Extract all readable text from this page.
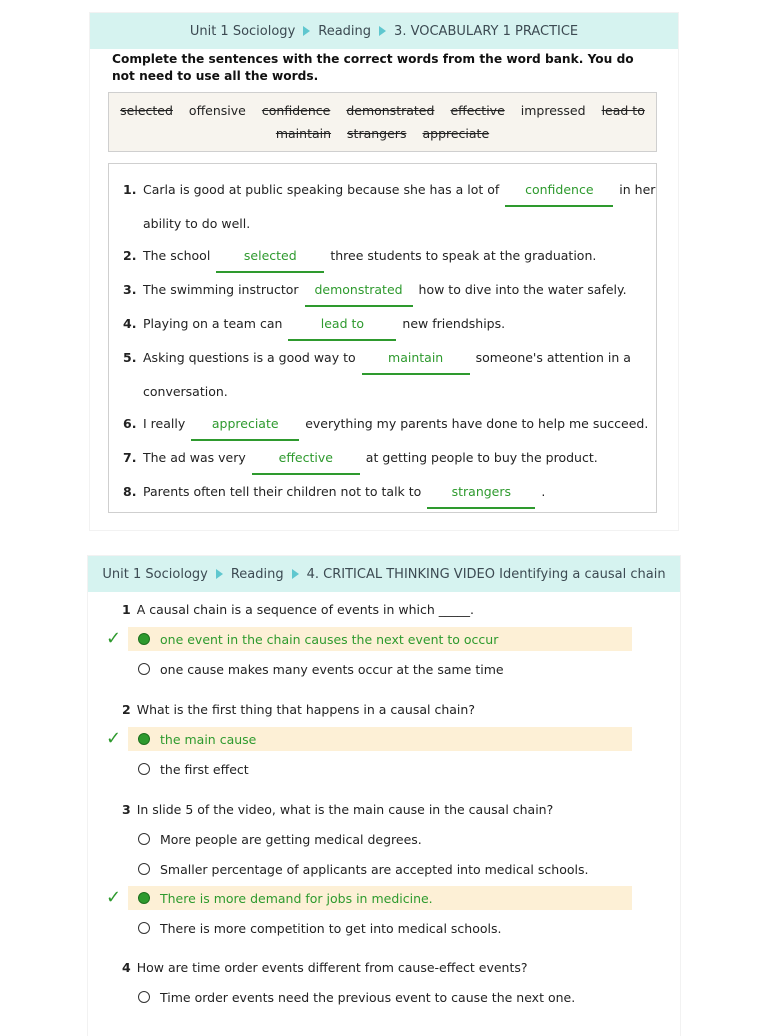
Unit 1 Sociology Reading 3. VOCABULARY 1 PRACTICE
Complete the sentences with the correct words from the word bank. You do not need to use all the words.
selected offensive confidence demonstrated effective impressed lead to
maintain strangers appreciate
1. Carla is good at public speaking because she has a lot of confidence in her
ability to do well.
2. The school	selected	three students to speak at the graduation.
3. The swimming instructor demonstrated how to dive into the water safely.
4. Playing on a team can	lead to	new friendships.
5. Asking questions is a good way to	maintain	someone's attention in a
conversation.
6. I really appreciate everything my parents have done to help me succeed.
7. The ad was very	effective	at getting people to buy the product.
8. Parents often tell their children not to talk to strangers .
Unit 1 Sociology Reading 4. CRITICAL THINKING VIDEO Identifying a causal chain
1 A causal chain is a sequence of events in which _____.
✓	one event in the chain causes the next event to occur
one cause makes many events occur at the same time
2 What is the first thing that happens in a causal chain?
✓	the main cause
the first effect
3 In slide 5 of the video, what is the main cause in the causal chain?
More people are getting medical degrees.
Smaller percentage of applicants are accepted into medical schools.
✓	There is more demand for jobs in medicine.
There is more competition to get into medical schools.
4 How are time order events different from cause-effect events?
Time order events need the previous event to cause the next one.
